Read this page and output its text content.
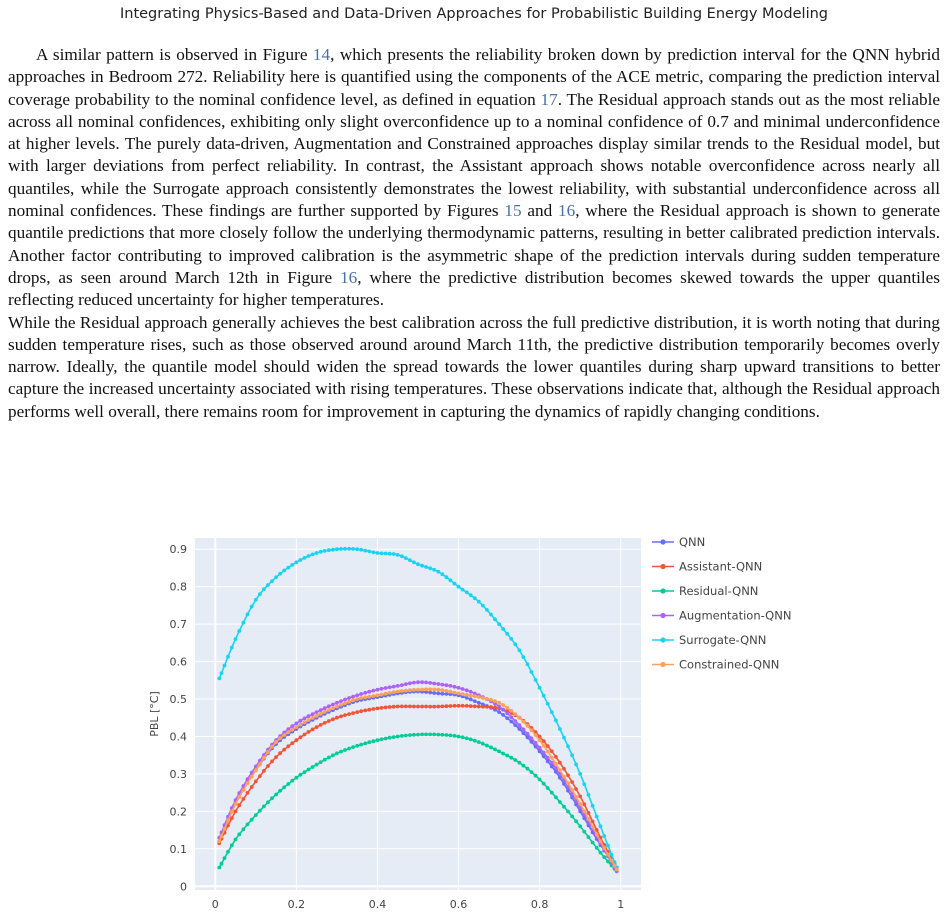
Integrating Physics-Based and Data-Driven Approaches for Probabilistic Building Energy Modeling

A similar pattern is observed in Figure 14, which presents the reliability broken down by prediction interval for the QNN hybrid approaches in Bedroom 272. Reliability here is quantified using the components of the ACE metric, comparing the prediction interval coverage probability to the nominal confidence level, as defined in equation 17. The Residual approach stands out as the most reliable across all nominal confidences, exhibiting only slight overconfidence up to a nominal confidence of 0.7 and minimal underconfidence at higher levels. The purely data-driven, Augmentation and Constrained approaches display similar trends to the Residual model, but with larger deviations from perfect reliability. In contrast, the Assistant approach shows notable overconfidence across nearly all quantiles, while the Surrogate approach consistently demonstrates the lowest reliability, with substantial underconfidence across all nominal confidences. These findings are further supported by Figures 15 and 16, where the Residual approach is shown to generate quantile predictions that more closely follow the underlying thermodynamic patterns, resulting in better calibrated prediction intervals. Another factor contributing to improved calibration is the asymmetric shape of the prediction intervals during sudden temperature drops, as seen around March 12th in Figure 16, where the predictive distribution becomes skewed towards the upper quantiles reflecting reduced uncertainty for higher temperatures.

While the Residual approach generally achieves the best calibration across the full predictive distribution, it is worth noting that during sudden temperature rises, such as those observed around around March 11th, the predictive distribution temporarily becomes overly narrow. Ideally, the quantile model should widen the spread towards the lower quantiles during sharp upward transitions to better capture the increased uncertainty associated with rising temperatures. These observations indicate that, although the Residual approach performs well overall, there remains room for improvement in capturing the dynamics of rapidly changing conditions.

0
0.1
0.2
0.3
0.4
0.5
0.6
0.7
0.8
0.9
0	0.2	0.4	0.6	0.8	1
PBL [°C]
QNN
Assistant-QNN
Residual-QNN
Augmentation-QNN
Surrogate-QNN
Constrained-QNN
